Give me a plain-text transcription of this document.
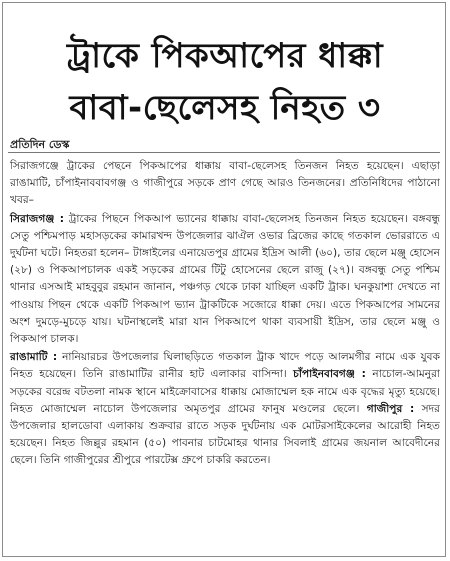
ট্রাকে পিকআপের ধাক্কা
বাবা-ছেলেসহ নিহত ৩
প্রতিদিন ডেস্ক

সিরাজগঞ্জে ট্রাকের পেছনে পিকআপের ধাক্কায় বাবা-ছেলেসহ তিনজন নিহত হয়েছেন। এছাড়া রাঙামাটি, চাঁপাইনাববাবগঞ্জ ও গাজীপুরে সড়কে প্রাণ গেছে আরও তিনজনের। প্রতিনিধিদের পাঠানো খবর–

সিরাজগঞ্জ : ট্রাকের পিছনে পিকআপ ভ্যানের ধাক্কায় বাবা-ছেলেসহ তিনজন নিহত হয়েছেন। বঙ্গবন্ধু সেতু পশ্চিমপাড় মহাসড়কের কামারখন্দ উপজেলার ঝাঐল ওভার ব্রিজের কাছে গতকাল ভোররাতে এ দুর্ঘটনা ঘটে। নিহতরা হলেন– টাঙ্গাইলের এনায়েতপুর গ্রামের ইদ্রিস আলী (৬০), তার ছেলে মঞ্জু হোসেন (২৮) ও পিকআপচালক একই সড়কের গ্রামের টিটু হোসেনের ছেলে রাজু (২৭)। বঙ্গবন্ধু সেতু পশ্চিম থানার এসআই মাহবুবুর রহমান জানান, পঞ্চগড় থেকে ঢাকা যাচ্ছিল একটি ট্রাক। ঘনকুয়াশা দেখতে না পাওয়ায় পিছন থেকে একটি পিকআপ ভ্যান ট্রাকটিকে সজোরে ধাক্কা দেয়। এতে পিকআপের সামনের অংশ দুমড়ে-মুচড়ে যায়। ঘটনাস্থলেই মারা যান পিকআপে থাকা ব্যবসায়ী ইদ্রিস, তার ছেলে মঞ্জু ও পিকআপ চালক।

রাঙামাটি : নানিয়ারচর উপজেলার ঘিলাছড়িতে গতকাল ট্রাক খাদে পড়ে আলমগীর নামে এক যুবক নিহত হয়েছেন। তিনি রাঙামাটির রানীর হাট এলাকার বাসিন্দা। চাঁপাইনবাবগঞ্জ : নাচোল-আমনুরা সড়কের বরেন্দ্র বটতলা নামক স্থানে মাইক্রোবাসের ধাক্কায় মোজাম্মেল হক নামে এক বৃদ্ধের মৃত্যু হয়েছে। নিহত মোজাম্মেল নাচোল উপজেলার অমৃতপুর গ্রামের ফানুষ মণ্ডলের ছেলে। গাজীপুর : সদর উপজেলার হালডোবা এলাকায় শুক্রবার রাতে সড়ক দুর্ঘটনায় এক মোটরসাইকেলের আরোহী নিহত হয়েছেন। নিহত জিল্লুর রহমান (৫০) পাবনার চাটমোহর থানার সিবলাই গ্রামের জয়নাল আবেদীনের ছেলে। তিনি গাজীপুরের শ্রীপুরে পারটেক্স গ্রুপে চাকরি করতেন।
